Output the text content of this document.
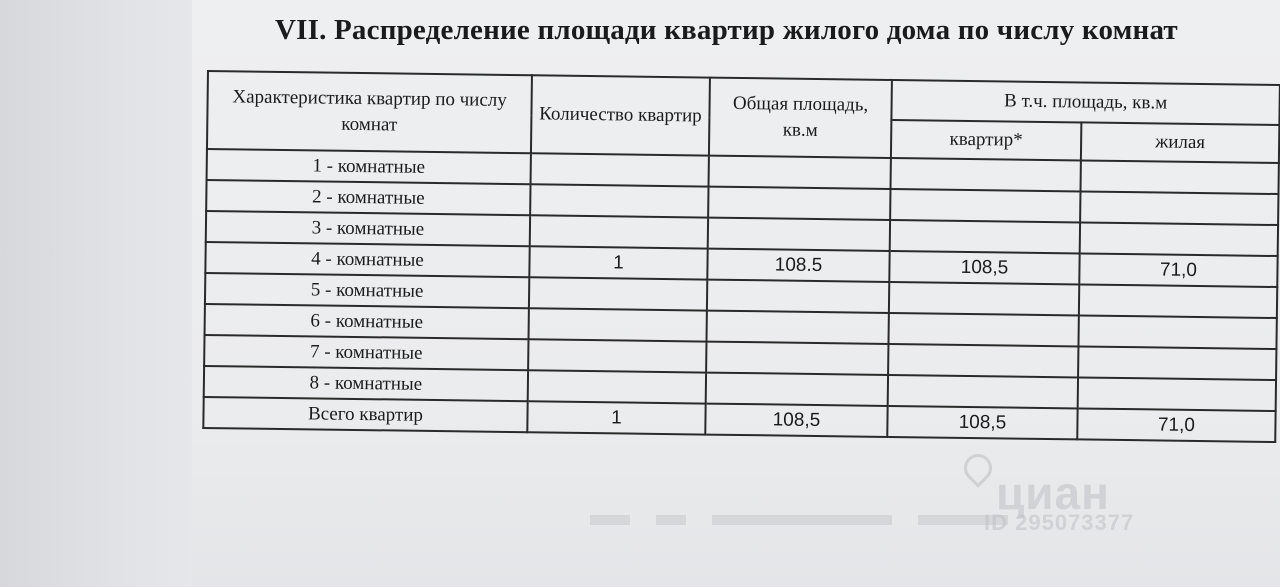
VII. Распределение площади квартир жилого дома по числу комнат
Характеристика квартир по числу комнат	Количество квартир	Общая площадь, кв.м	В т.ч. площадь, кв.м	
			квартир*	жилая
1 - комнатные				
2 - комнатные				
3 - комнатные				
4 - комнатные	1	108.5	108,5	71,0
5 - комнатные				
6 - комнатные				
7 - комнатные				
8 - комнатные				
Всего квартир	1	108,5	108,5	71,0
циан
ID 295073377
